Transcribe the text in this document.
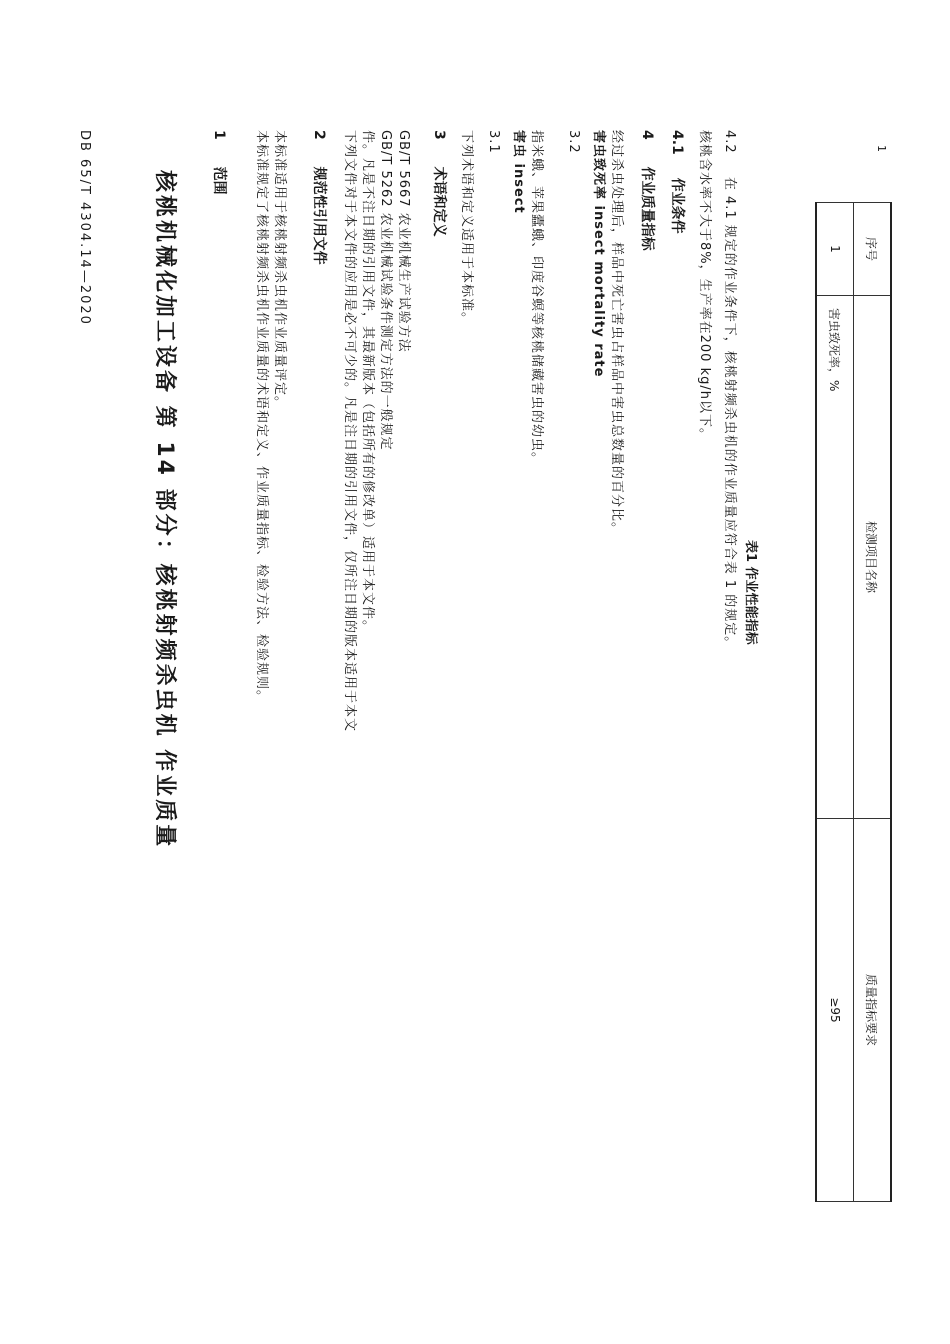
DB 65/T 4304.14—2020	核桃机械化加工设备 第 14 部分：核桃射频杀虫机 作业质量
1 范围 本标准规定了核桃射频杀虫机作业质量的术语和定义、作业质量指标、检验方法、检验规则。 本标准适用于核桃射频杀虫机作业质量评定。 2 规范性引用文件 下列文件对于本文件的应用是必不可少的。凡是注日期的引用文件，仅所注日期的版本适用于本文 件。凡是不注日期的引用文件，其最新版本（包括所有的修改单）适用于本文件。 GB/T 5262 农业机械试验条件测定方法的一般规定 GB/T 5667 农业机械生产试验方法 3 术语和定义 下列术语和定义适用于本标准。 3.1 害虫 insect 指米蛾、苹果蠹蛾、印度谷螟等核桃储藏害虫的幼虫。 3.2 害虫致死率 insect mortality rate 经过杀虫处理后，样品中死亡害虫占样品中害虫总数量的百分比。 4 作业质量指标
4.1 作业条件 核桃含水率不大于8%，生产率在200 kg/h以下。 4.2 在 4.1 规定的作业条件下，核桃射频杀虫机的作业质量应符合表 1 的规定。 表1 作业性能指标
序号	检测项目名称	质量指标要求
1	害虫致死率，%	≥95
1
